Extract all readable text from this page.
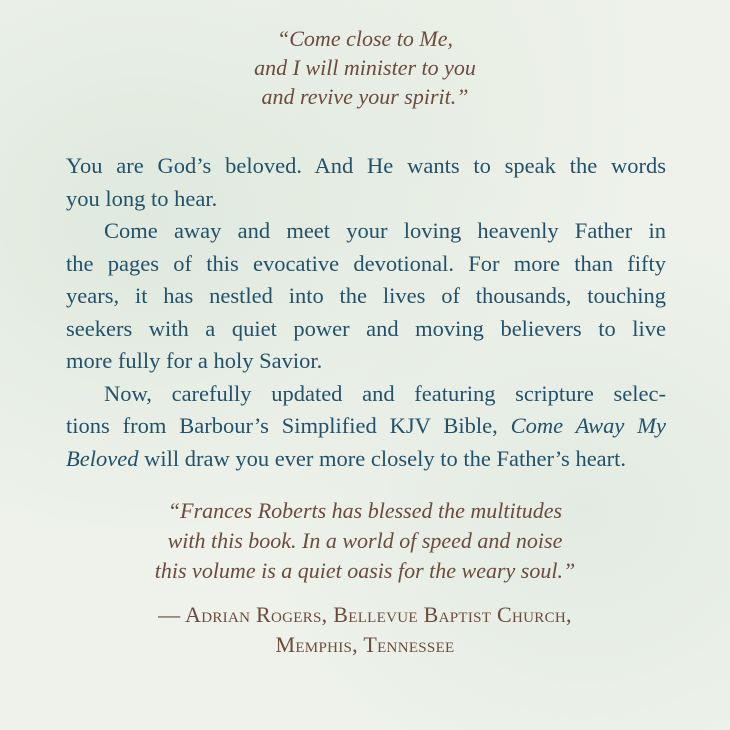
“Come close to Me,
and I will minister to you
and revive your spirit.”
You are God’s beloved. And He wants to speak the words
you long to hear.
Come away and meet your loving heavenly Father in
the pages of this evocative devotional. For more than fifty
years, it has nestled into the lives of thousands, touching
seekers with a quiet power and moving believers to live
more fully for a holy Savior.
Now, carefully updated and featuring scripture selec-
tions from Barbour’s Simplified KJV Bible, Come Away My
Beloved will draw you ever more closely to the Father’s heart.
“Frances Roberts has blessed the multitudes
with this book. In a world of speed and noise
this volume is a quiet oasis for the weary soul.”
— Adrian Rogers, Bellevue Baptist Church,
Memphis, Tennessee
